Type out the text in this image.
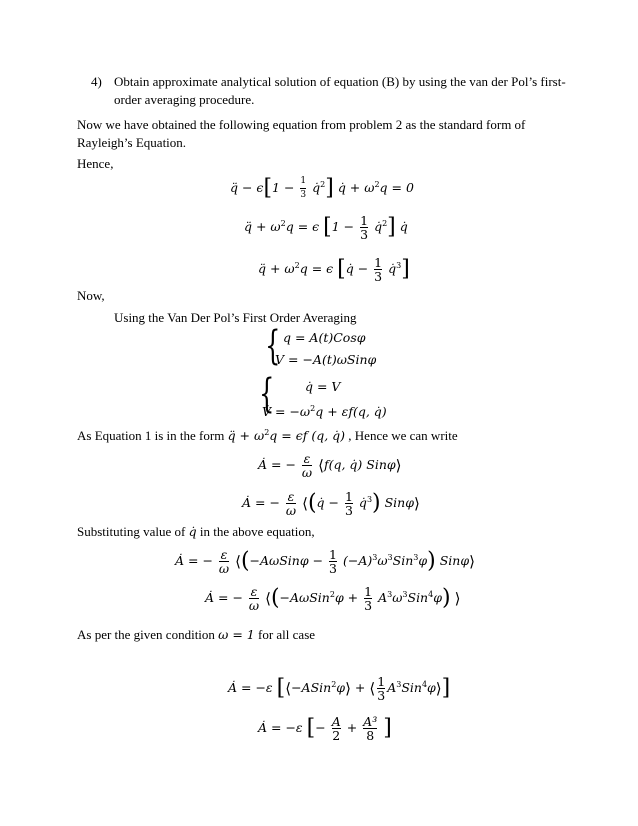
4) Obtain approximate analytical solution of equation (B) by using the van der Pol’s first-
order averaging procedure.
Now we have obtained the following equation from problem 2 as the standard form of
Rayleigh’s Equation.
Hence,
q̈ − $\epsilon[1 - \frac{1}{3}$ q̇$^2$] q̇ + $\omega^2q = 0$
q̈ + $\omega^2q = \epsilon$ [$1 - \frac{1}{3}$ q̇$^2$] q̇
q̈ + $\omega^2q = \epsilon$ [q̇ − $\frac{1}{3}$ q̇$^3$]
Now,
Using the Van Der Pol’s First Order Averaging
{ q = A(t)Cosφ
V = −A(t)ωSinφ
{ q̇ = V
V̇ = $-\omega^2q + \varepsilon f(q$, q̇)
As Equation 1 is in the form q̈ + $\omega^2q = \epsilon f$ (q, q̇) , Hence we can write
Ȧ = − $\frac{\varepsilon}{\omega}$ ⟨f(q, q̇) Sinφ⟩
Ȧ = − $\frac{\varepsilon}{\omega}$ ⟨(q̇ − $\frac{1}{3}$ q̇$^3$) Sinφ⟩
Substituting value of q̇ in the above equation,
Ȧ = − $\frac{\varepsilon}{\omega}$ ⟨(−AωSinφ − $\frac{1}{3} (-A)^3\omega^3Sin^3\varphi$) Sinφ⟩
Ȧ = − $\frac{\varepsilon}{\omega}$ ⟨(−AωSin$^2$φ + $\frac{1}{3} A^3\omega^3Sin^4\varphi$) ⟩
As per the given condition ω = 1 for all case
Ȧ = −ε [⟨−ASin$^2$φ⟩ + ⟨ $\frac{1}{3}$ $A^3Sin^4\varphi⟩$]
Ȧ = −ε [− $\frac{A}{2} + \frac{\text{A³}}{8}$ ]
